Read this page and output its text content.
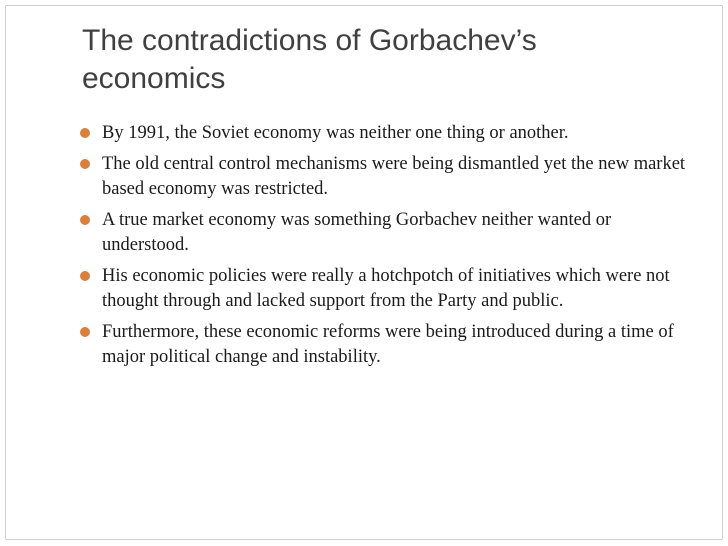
The contradictions of Gorbachev’s economics
By 1991, the Soviet economy was neither one thing or another.
The old central control mechanisms were being dismantled yet the new market based economy was restricted.
A true market economy was something Gorbachev neither wanted or understood.
His economic policies were really a hotchpotch of initiatives which were not thought through and lacked support from the Party and public.
Furthermore, these economic reforms were being introduced during a time of major political change and instability.
